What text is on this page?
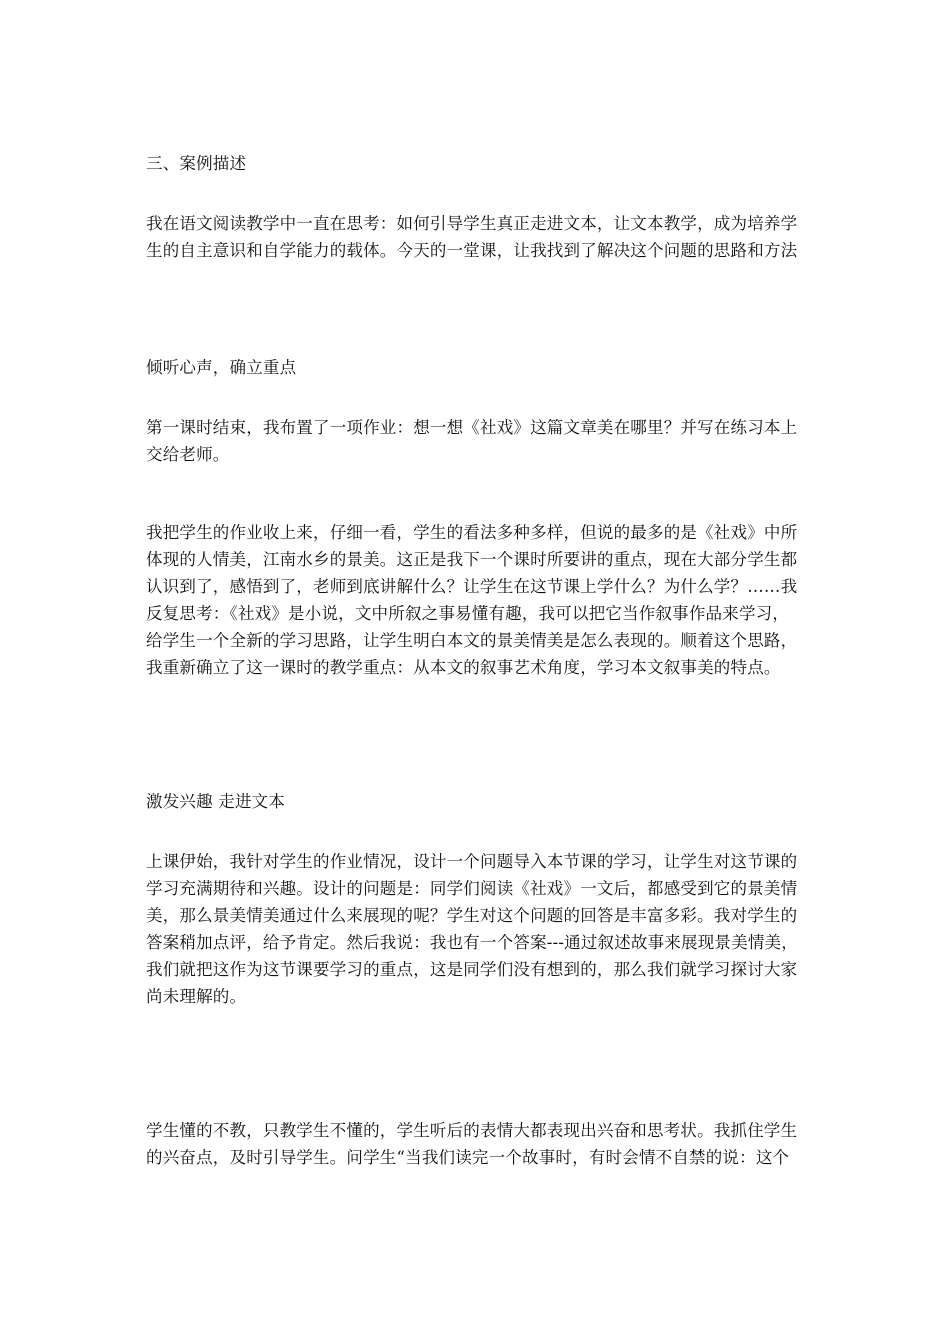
三、案例描述
我在语文阅读教学中一直在思考：如何引导学生真正走进文本，让文本教学，成为培养学
生的自主意识和自学能力的载体。今天的一堂课，让我找到了解决这个问题的思路和方法
倾听心声，确立重点
第一课时结束，我布置了一项作业：想一想《社戏》这篇文章美在哪里？并写在练习本上
交给老师。
我把学生的作业收上来，仔细一看，学生的看法多种多样，但说的最多的是《社戏》中所
体现的人情美，江南水乡的景美。这正是我下一个课时所要讲的重点，现在大部分学生都
认识到了，感悟到了，老师到底讲解什么？让学生在这节课上学什么？为什么学？……我
反复思考：《社戏》是小说，文中所叙之事易懂有趣，我可以把它当作叙事作品来学习，
给学生一个全新的学习思路，让学生明白本文的景美情美是怎么表现的。顺着这个思路，
我重新确立了这一课时的教学重点：从本文的叙事艺术角度，学习本文叙事美的特点。
激发兴趣 走进文本
上课伊始，我针对学生的作业情况，设计一个问题导入本节课的学习，让学生对这节课的
学习充满期待和兴趣。设计的问题是：同学们阅读《社戏》一文后，都感受到它的景美情
美，那么景美情美通过什么来展现的呢？学生对这个问题的回答是丰富多彩。我对学生的
答案稍加点评，给予肯定。然后我说：我也有一个答案---通过叙述故事来展现景美情美，
我们就把这作为这节课要学习的重点，这是同学们没有想到的，那么我们就学习探讨大家
尚未理解的。
学生懂的不教，只教学生不懂的，学生听后的表情大都表现出兴奋和思考状。我抓住学生
的兴奋点，及时引导学生。问学生“当我们读完一个故事时，有时会情不自禁的说：这个
